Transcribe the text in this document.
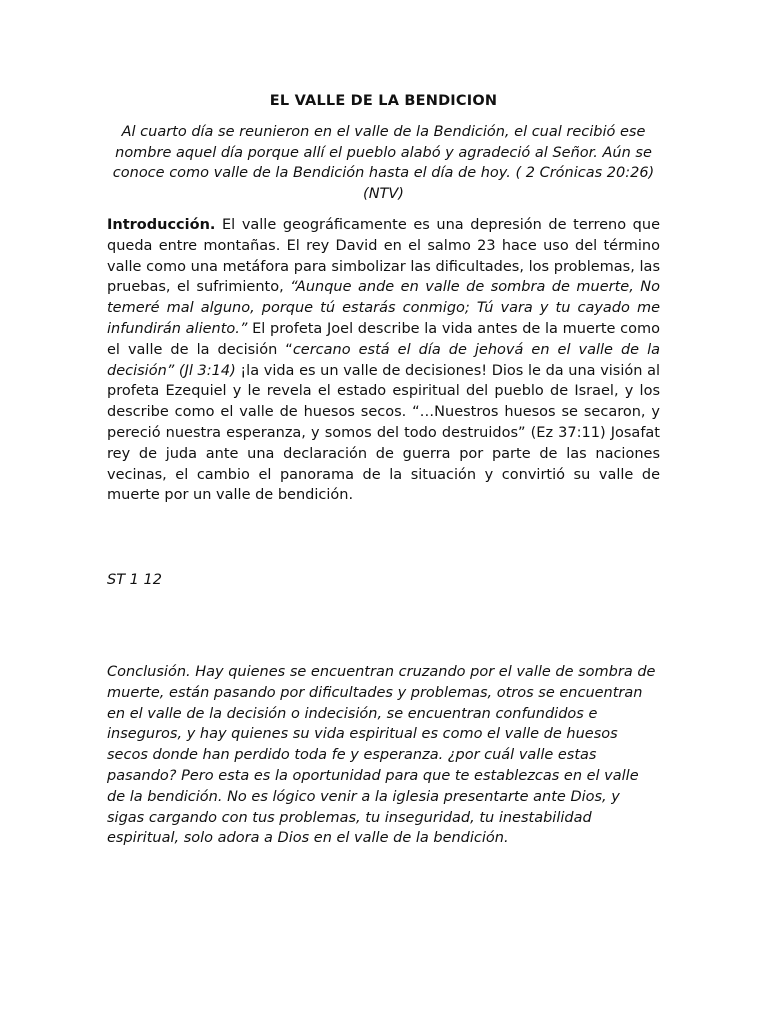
EL VALLE DE LA BENDICION

Al cuarto día se reunieron en el valle de la Bendición, el cual recibió ese nombre aquel día porque allí el pueblo alabó y agradeció al Señor. Aún se conoce como valle de la Bendición hasta el día de hoy. ( 2 Crónicas 20:26) (NTV)

Introducción. El valle geográficamente es una depresión de terreno que queda entre montañas. El rey David en el salmo 23 hace uso del término valle como una metáfora para simbolizar las dificultades, los problemas, las pruebas, el sufrimiento, “Aunque ande en valle de sombra de muerte, No temeré mal alguno, porque tú estarás conmigo; Tú vara y tu cayado me infundirán aliento.” El profeta Joel describe la vida antes de la muerte como el valle de la decisión “cercano está el día de jehová en el valle de la decisión” (Jl 3:14) ¡la vida es un valle de decisiones! Dios le da una visión al profeta Ezequiel y le revela el estado espiritual del pueblo de Israel, y los describe como el valle de huesos secos. “…Nuestros huesos se secaron, y pereció nuestra esperanza, y somos del todo destruidos” (Ez 37:11) Josafat rey de juda ante una declaración de guerra por parte de las naciones vecinas, el cambio el panorama de la situación y convirtió su valle de muerte por un valle de bendición.

ST 1 12

Conclusión. Hay quienes se encuentran cruzando por el valle de sombra de muerte, están pasando por dificultades y problemas, otros se encuentran en el valle de la decisión o indecisión, se encuentran confundidos e inseguros, y hay quienes su vida espiritual es como el valle de huesos secos donde han perdido toda fe y esperanza. ¿por cuál valle estas pasando? Pero esta es la oportunidad para que te establezcas en el valle de la bendición. No es lógico venir a la iglesia presentarte ante Dios, y sigas cargando con tus problemas, tu inseguridad, tu inestabilidad espiritual, solo adora a Dios en el valle de la bendición.
